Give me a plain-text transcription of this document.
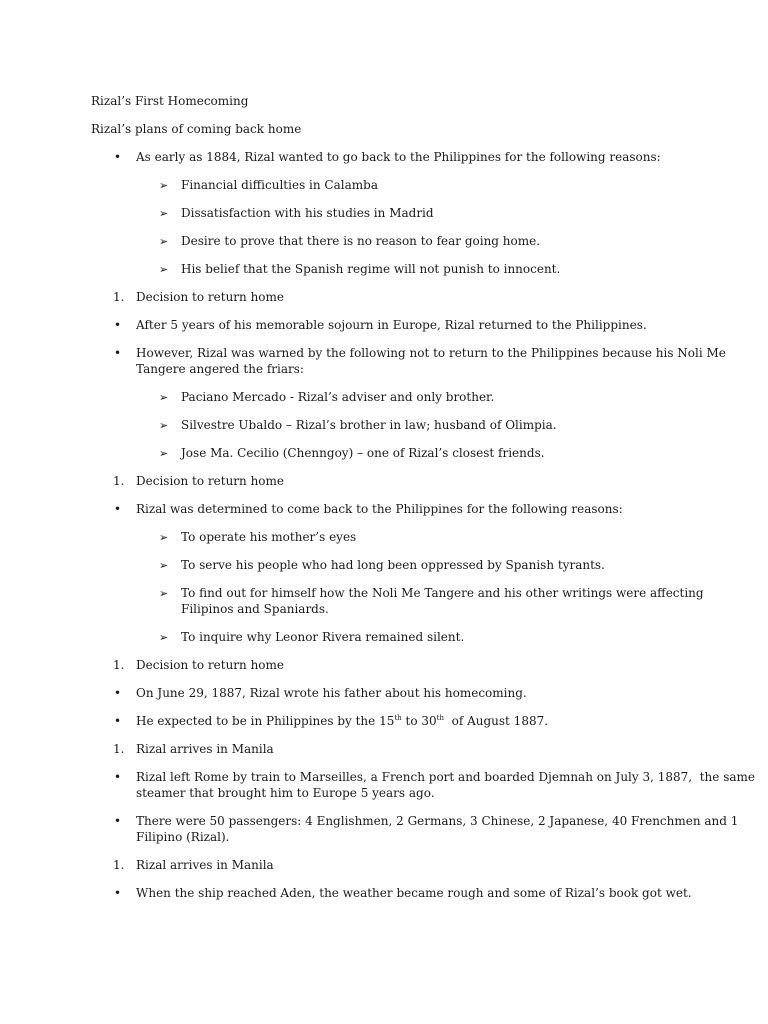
Rizal’s First Homecoming
Rizal’s plans of coming back home
• As early as 1884, Rizal wanted to go back to the Philippines for the following reasons:
➢ Financial difficulties in Calamba
➢ Dissatisfaction with his studies in Madrid
➢ Desire to prove that there is no reason to fear going home.
➢ His belief that the Spanish regime will not punish to innocent.
1. Decision to return home
• After 5 years of his memorable sojourn in Europe, Rizal returned to the Philippines.
• However, Rizal was warned by the following not to return to the Philippines because his Noli Me
Tangere angered the friars:
➢ Paciano Mercado - Rizal’s adviser and only brother.
➢ Silvestre Ubaldo – Rizal’s brother in law; husband of Olimpia.
➢ Jose Ma. Cecilio (Chenngoy) – one of Rizal’s closest friends.
1. Decision to return home
• Rizal was determined to come back to the Philippines for the following reasons:
➢ To operate his mother’s eyes
➢ To serve his people who had long been oppressed by Spanish tyrants.
➢ To find out for himself how the Noli Me Tangere and his other writings were affecting
Filipinos and Spaniards.
➢ To inquire why Leonor Rivera remained silent.
1. Decision to return home
• On June 29, 1887, Rizal wrote his father about his homecoming.
• He expected to be in Philippines by the 15th to 30th  of August 1887.
1. Rizal arrives in Manila
• Rizal left Rome by train to Marseilles, a French port and boarded Djemnah on July 3, 1887,  the same
steamer that brought him to Europe 5 years ago.
• There were 50 passengers: 4 Englishmen, 2 Germans, 3 Chinese, 2 Japanese, 40 Frenchmen and 1
Filipino (Rizal).
1. Rizal arrives in Manila
• When the ship reached Aden, the weather became rough and some of Rizal’s book got wet.
